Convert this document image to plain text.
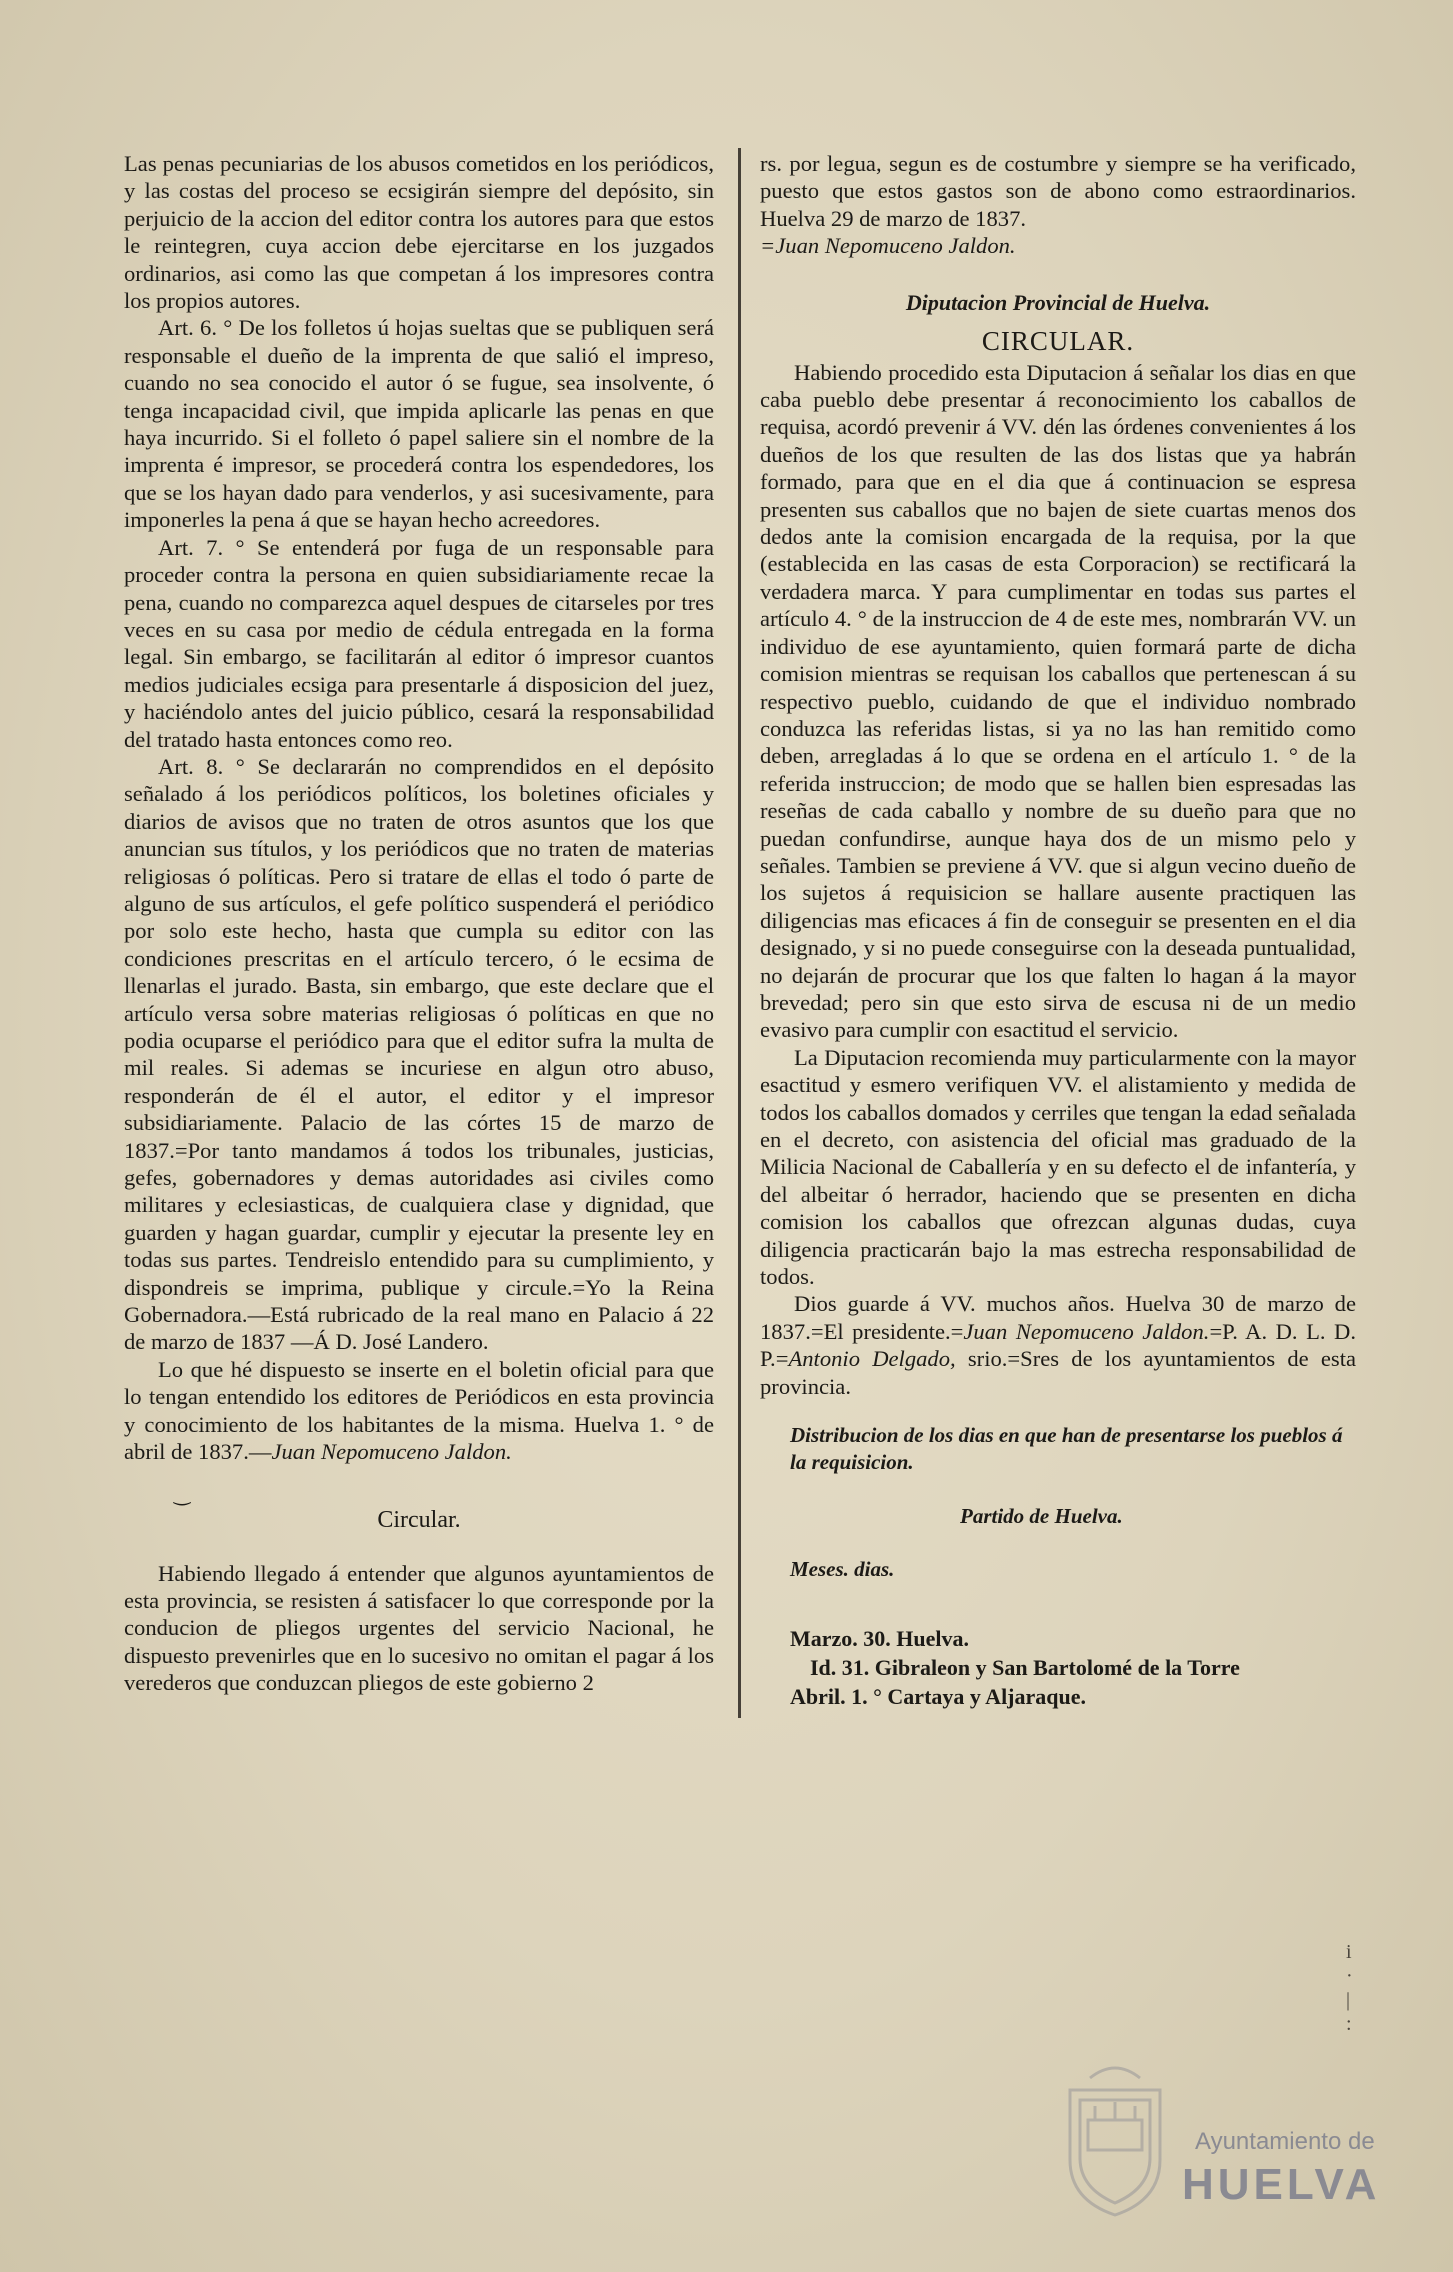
Las penas pecuniarias de los abusos cometidos en los periódicos, y las costas del proceso se ecsigirán siempre del depósito, sin perjuicio de la accion del editor contra los autores para que estos le reintegren, cuya accion debe ejercitarse en los juzgados ordinarios, asi como las que competan á los impresores contra los propios autores.

Art. 6. ° De los folletos ú hojas sueltas que se publiquen será responsable el dueño de la imprenta de que salió el impreso, cuando no sea conocido el autor ó se fugue, sea insolvente, ó tenga incapacidad civil, que impida aplicarle las penas en que haya incurrido. Si el folleto ó papel saliere sin el nombre de la imprenta é impresor, se procederá contra los espendedores, los que se los hayan dado para venderlos, y asi sucesivamente, para imponerles la pena á que se hayan hecho acreedores.

Art. 7. ° Se entenderá por fuga de un responsable para proceder contra la persona en quien subsidiariamente recae la pena, cuando no comparezca aquel despues de citarseles por tres veces en su casa por medio de cédula entregada en la forma legal. Sin embargo, se facilitarán al editor ó impresor cuantos medios judiciales ecsiga para presentarle á disposicion del juez, y haciéndolo antes del juicio público, cesará la responsabilidad del tratado hasta entonces como reo.

Art. 8. ° Se declararán no comprendidos en el depósito señalado á los periódicos políticos, los boletines oficiales y diarios de avisos que no traten de otros asuntos que los que anuncian sus títulos, y los periódicos que no traten de materias religiosas ó políticas. Pero si tratare de ellas el todo ó parte de alguno de sus artículos, el gefe político suspenderá el periódico por solo este hecho, hasta que cumpla su editor con las condiciones prescritas en el artículo tercero, ó le ecsima de llenarlas el jurado. Basta, sin embargo, que este declare que el artículo versa sobre materias religiosas ó políticas en que no podia ocuparse el periódico para que el editor sufra la multa de mil reales. Si ademas se incuriese en algun otro abuso, responderán de él el autor, el editor y el impresor subsidiariamente. Palacio de las córtes 15 de marzo de 1837.=Por tanto mandamos á todos los tribunales, justicias, gefes, gobernadores y demas autoridades asi civiles como militares y eclesiasticas, de cualquiera clase y dignidad, que guarden y hagan guardar, cumplir y ejecutar la presente ley en todas sus partes. Tendreislo entendido para su cumplimiento, y dispondreis se imprima, publique y circule.=Yo la Reina Gobernadora.—Está rubricado de la real mano en Palacio á 22 de marzo de 1837 —Á D. José Landero.

Lo que hé dispuesto se inserte en el boletin oficial para que lo tengan entendido los editores de Periódicos en esta provincia y conocimiento de los habitantes de la misma. Huelva 1. ° de abril de 1837.—Juan Nepomuceno Jaldon.

‿
Circular.

Habiendo llegado á entender que algunos ayuntamientos de esta provincia, se resisten á satisfacer lo que corresponde por la conducion de pliegos urgentes del servicio Nacional, he dispuesto prevenirles que en lo sucesivo no omitan el pagar á los verederos que conduzcan pliegos de este gobierno 2

rs. por legua, segun es de costumbre y siempre se ha verificado, puesto que estos gastos son de abono como estraordinarios. Huelva 29 de marzo de 1837.
=Juan Nepomuceno Jaldon.

Diputacion Provincial de Huelva.
CIRCULAR.

Habiendo procedido esta Diputacion á señalar los dias en que caba pueblo debe presentar á reconocimiento los caballos de requisa, acordó prevenir á VV. dén las órdenes convenientes á los dueños de los que resulten de las dos listas que ya habrán formado, para que en el dia que á continuacion se espresa presenten sus caballos que no bajen de siete cuartas menos dos dedos ante la comision encargada de la requisa, por la que (establecida en las casas de esta Corporacion) se rectificará la verdadera marca. Y para cumplimentar en todas sus partes el artículo 4. ° de la instruccion de 4 de este mes, nombrarán VV. un individuo de ese ayuntamiento, quien formará parte de dicha comision mientras se requisan los caballos que pertenescan á su respectivo pueblo, cuidando de que el individuo nombrado conduzca las referidas listas, si ya no las han remitido como deben, arregladas á lo que se ordena en el artículo 1. ° de la referida instruccion; de modo que se hallen bien espresadas las reseñas de cada caballo y nombre de su dueño para que no puedan confundirse, aunque haya dos de un mismo pelo y señales. Tambien se previene á VV. que si algun vecino dueño de los sujetos á requisicion se hallare ausente practiquen las diligencias mas eficaces á fin de conseguir se presenten en el dia designado, y si no puede conseguirse con la deseada puntualidad, no dejarán de procurar que los que falten lo hagan á la mayor brevedad; pero sin que esto sirva de escusa ni de un medio evasivo para cumplir con esactitud el servicio.

La Diputacion recomienda muy particularmente con la mayor esactitud y esmero verifiquen VV. el alistamiento y medida de todos los caballos domados y cerriles que tengan la edad señalada en el decreto, con asistencia del oficial mas graduado de la Milicia Nacional de Caballería y en su defecto el de infantería, y del albeitar ó herrador, haciendo que se presenten en dicha comision los caballos que ofrezcan algunas dudas, cuya diligencia practicarán bajo la mas estrecha responsabilidad de todos.

Dios guarde á VV. muchos años. Huelva 30 de marzo de 1837.=El presidente.=Juan Nepomuceno Jaldon.=P. A. D. L. D. P.=Antonio Delgado, srio.=Sres de los ayuntamientos de esta provincia.

Distribucion de los dias en que han de presentarse los pueblos á la requisicion.
Partido de Huelva.
Meses. dias.
Marzo. 30. Huelva.
Id. 31. Gibraleon y San Bartolomé de la Torre
Abril. 1. ° Cartaya y Aljaraque.
i
·
|
:
Ayuntamiento de
HUELVA
